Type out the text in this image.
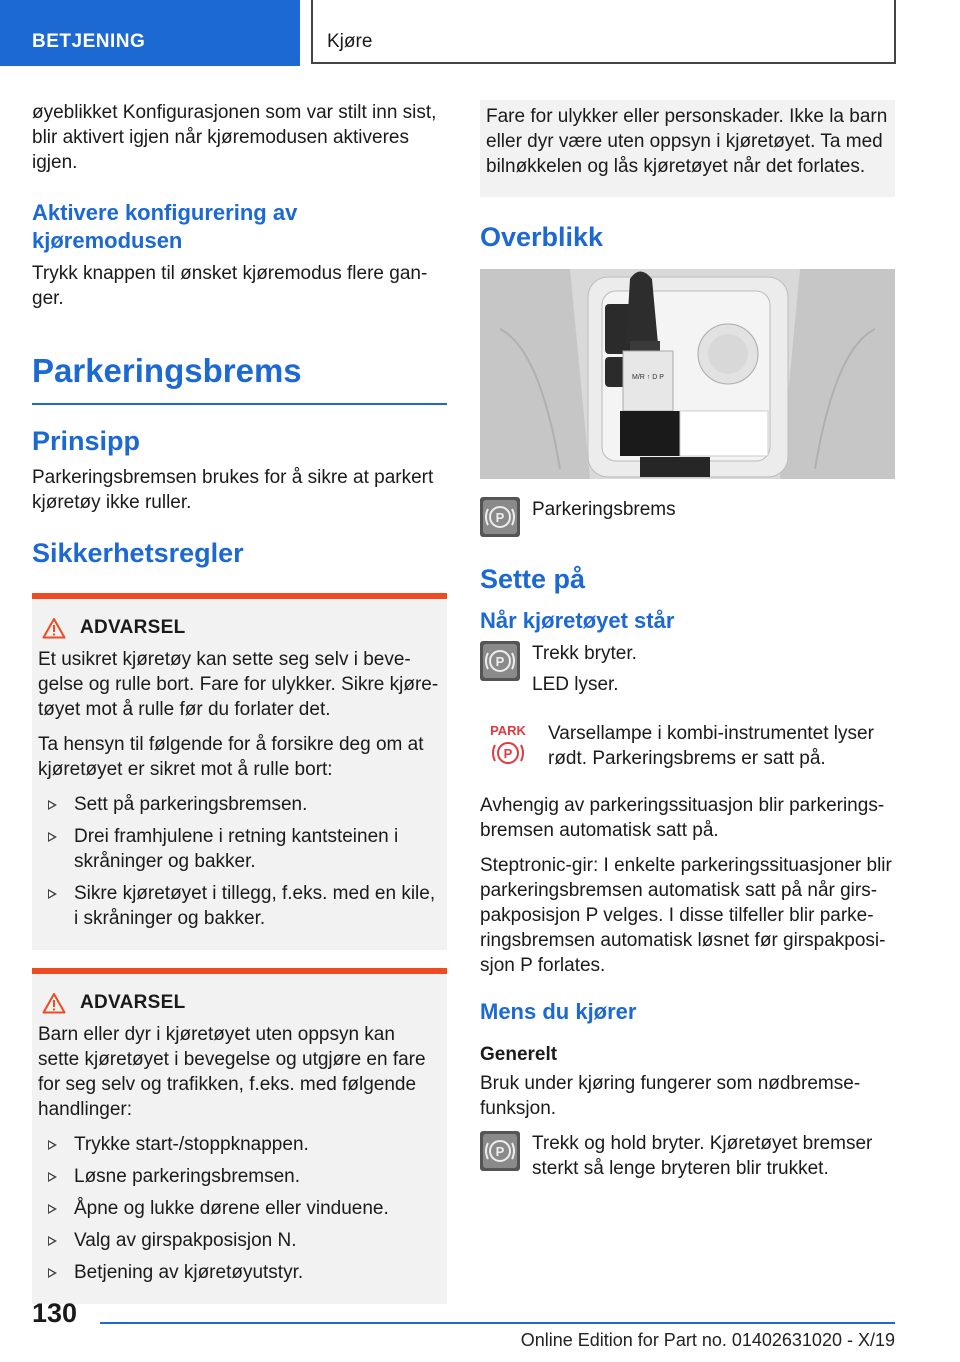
BETJENING	Kjøre

øyeblikket Konfigurasjonen som var stilt inn sist, blir aktivert igjen når kjøremodusen aktiveres igjen.

Aktivere konfigurering av kjøremodusen

Trykk knappen til ønsket kjøremodus flere gan-ger.

Parkeringsbrems
Prinsipp

Parkeringsbremsen brukes for å sikre at parkert kjøretøy ikke ruller.

Sikkerhetsregler
ADVARSEL

Et usikret kjøretøy kan sette seg selv i beve-gelse og rulle bort. Fare for ulykker. Sikre kjøre-tøyet mot å rulle før du forlater det.

Ta hensyn til følgende for å forsikre deg om at kjøretøyet er sikret mot å rulle bort:

Sett på parkeringsbremsen.
Drei framhjulene i retning kantsteinen i skråninger og bakker.
Sikre kjøretøyet i tillegg, f.eks. med en kile, i skråninger og bakker.
ADVARSEL

Barn eller dyr i kjøretøyet uten oppsyn kan sette kjøretøyet i bevegelse og utgjøre en fare for seg selv og trafikken, f.eks. med følgende handlinger:

Trykke start-/stoppknappen.
Løsne parkeringsbremsen.
Åpne og lukke dørene eller vinduene.
Valg av girspakposisjon N.
Betjening av kjøretøyutstyr.

Fare for ulykker eller personskader. Ikke la barn eller dyr være uten oppsyn i kjøretøyet. Ta med bilnøkkelen og lås kjøretøyet når det forlates.

Overblikk
M/R ↑ D P
P Parkeringsbrems

Sette på
Når kjøretøyet står
P Trekk bryter.

LED lyser.

PARK
P

Varsellampe i kombi-instrumentet lyser rødt. Parkeringsbrems er satt på.

Avhengig av parkeringssituasjon blir parkerings-bremsen automatisk satt på.

Steptronic-gir: I enkelte parkeringssituasjoner blir parkeringsbremsen automatisk satt på når girs-pakposisjon P velges. I disse tilfeller blir parke-ringsbremsen automatisk løsnet før girspakposi-sjon P forlates.

Mens du kjører
Generelt

Bruk under kjøring fungerer som nødbremse-funksjon.

P Trekk og hold bryter. Kjøretøyet bremser sterkt så lenge bryteren blir trukket.

130
Online Edition for Part no. 01402631020 - X/19
